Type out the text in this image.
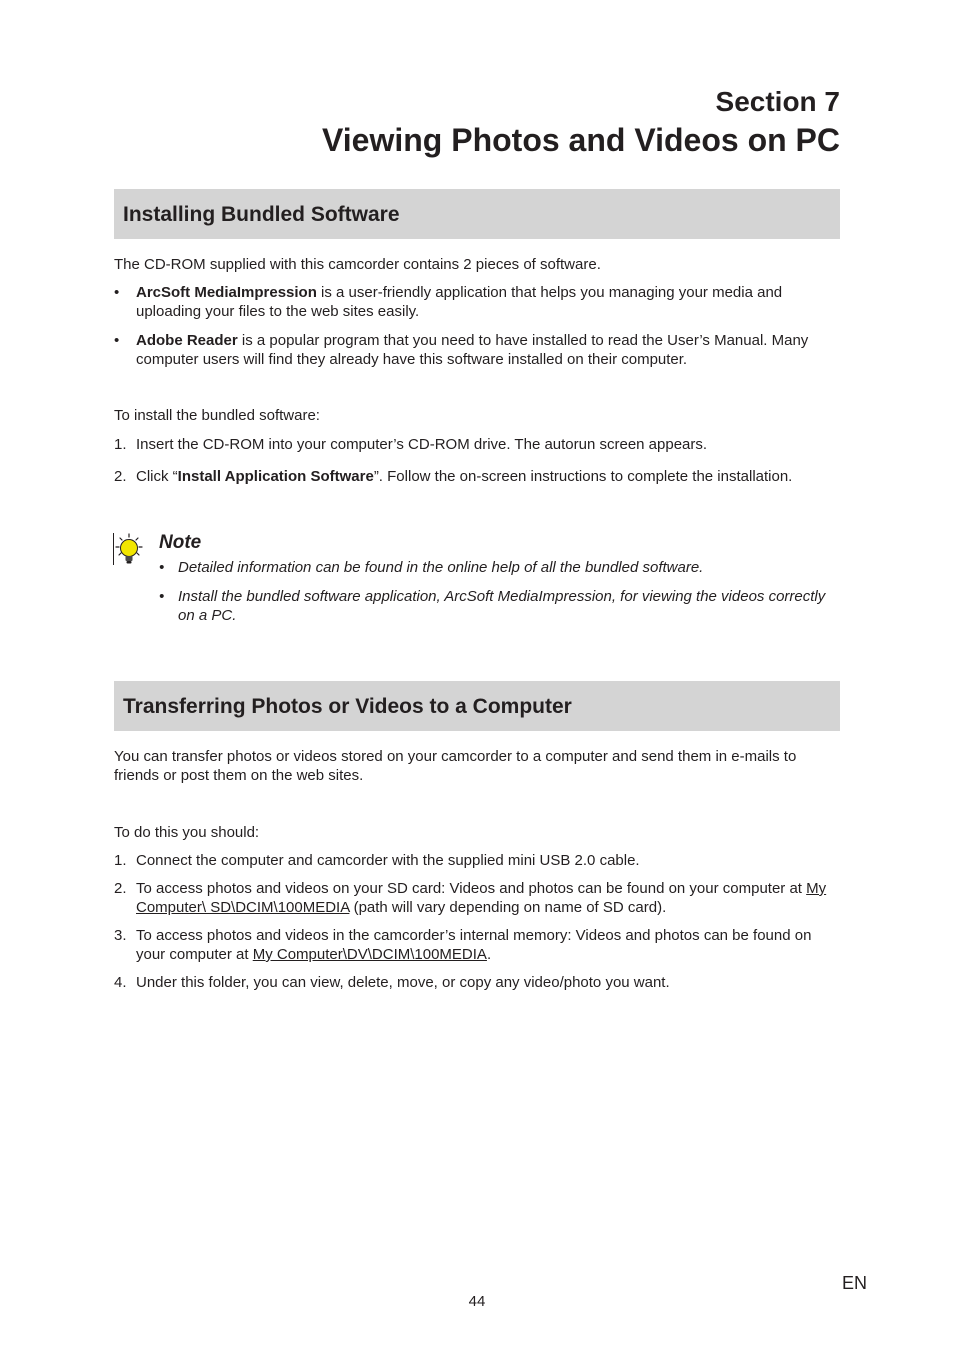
Section 7
Viewing Photos and Videos on PC
Installing Bundled Software

The CD-ROM supplied with this camcorder contains 2 pieces of software.

• ArcSoft MediaImpression is a user-friendly application that helps you managing your media and uploading your files to the web sites easily.
• Adobe Reader is a popular program that you need to have installed to read the User’s Manual. Many computer users will find they already have this software installed on their computer.

To install the bundled software:

1. Insert the CD-ROM into your computer’s CD-ROM drive. The autorun screen appears.
2. Click “Install Application Software”. Follow the on-screen instructions to complete the installation.

Note

• Detailed information can be found in the online help of all the bundled software.
• Install the bundled software application, ArcSoft MediaImpression, for viewing the videos correctly on a PC.
Transferring Photos or Videos to a Computer

You can transfer photos or videos stored on your camcorder to a computer and send them in e-mails to friends or post them on the web sites.

To do this you should:

1. Connect the computer and camcorder with the supplied mini USB 2.0 cable.
2. To access photos and videos on your SD card: Videos and photos can be found on your computer at My Computer\ SD\DCIM\100MEDIA (path will vary depending on name of SD card).
3. To access photos and videos in the camcorder’s internal memory: Videos and photos can be found on your computer at My Computer\DV\DCIM\100MEDIA.
4. Under this folder, you can view, delete, move, or copy any video/photo you want.
EN
44
